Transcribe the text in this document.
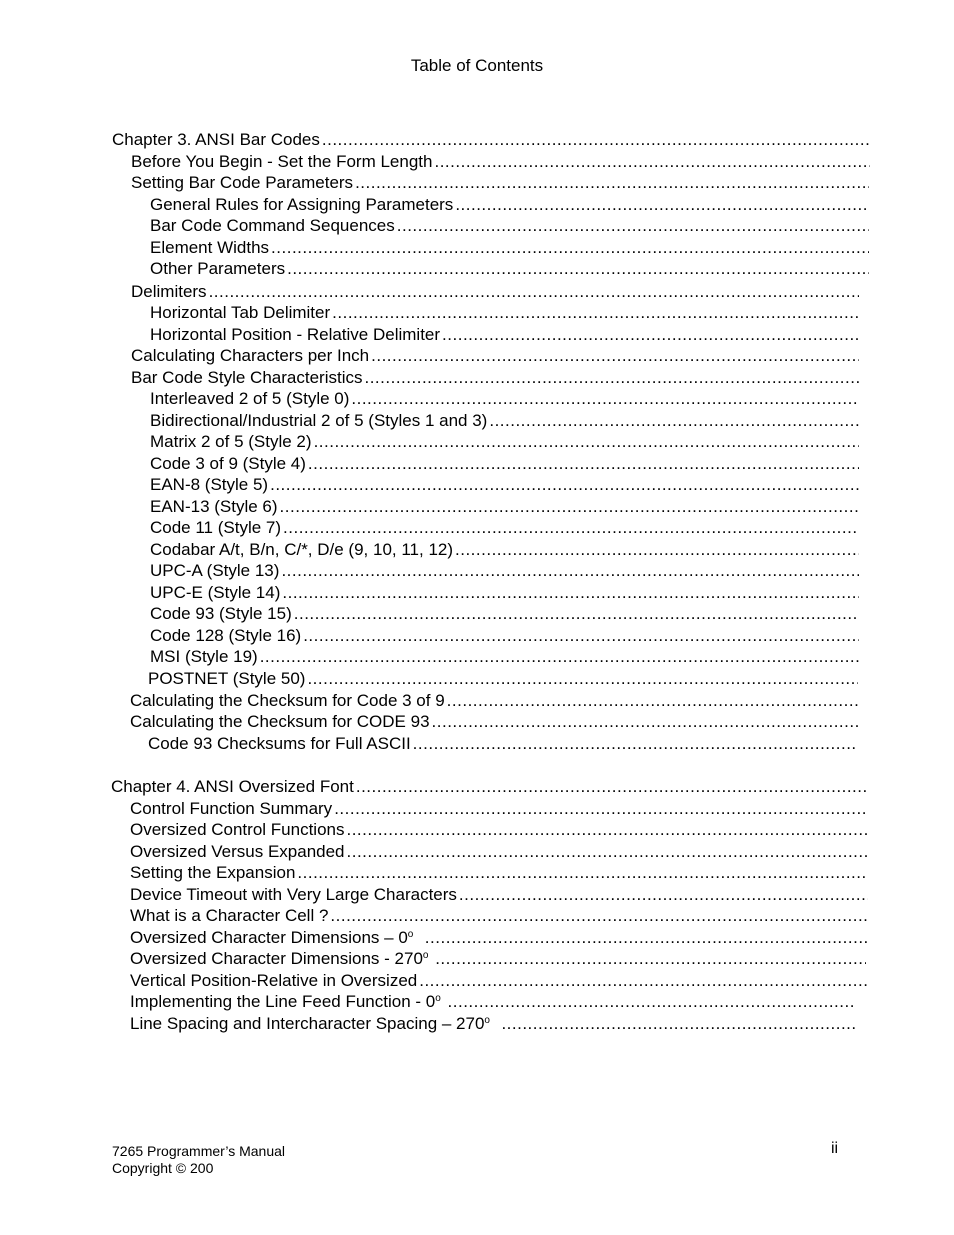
Table of Contents
Chapter 3. ANSI Bar Codes
.....
Before You Begin - Set the Form Length
.....
Setting Bar Code Parameters
.....
General Rules for Assigning Parameters
.....
Bar Code Command Sequences
.....
Element Widths
.....
Other Parameters
.....
Delimiters
.....
Horizontal Tab Delimiter
.....
Horizontal Position - Relative Delimiter
.....
Calculating Characters per Inch
.....
Bar Code Style Characteristics
.....
Interleaved 2 of 5 (Style 0)
.....
Bidirectional/Industrial 2 of 5 (Styles 1 and 3)
.....
Matrix 2 of 5 (Style 2)
.....
Code 3 of 9 (Style 4)
.....
EAN-8 (Style 5)
.....
EAN-13 (Style 6)
.....
Code 11 (Style 7)
.....
Codabar A/t, B/n, C/*, D/e (9, 10, 11, 12)
.....
UPC-A (Style 13)
.....
UPC-E (Style 14)
.....
Code 93 (Style 15)
.....
Code 128 (Style 16)
.....
MSI (Style 19)
.....
POSTNET (Style 50)
.....
Calculating the Checksum for Code 3 of 9
.....
Calculating the Checksum for CODE 93
.....
Code 93 Checksums for Full ASCII
.....
Chapter 4. ANSI Oversized Font
.....
Control Function Summary
.....
Oversized Control Functions
.....
Oversized Versus Expanded
.....
Setting the Expansion
.....
Device Timeout with Very Large Characters
.....
What is a Character Cell ?
.....
Oversized Character Dimensions – 0$^o$
.....
Oversized Character Dimensions - 270$^o$
.....
Vertical Position-Relative in Oversized
.....
Implementing the Line Feed Function - 0$^o$
.....
Line Spacing and Intercharacter Spacing – 270$^o$
.....
7265 Programmer’s Manual
Copyright © 200
ii
